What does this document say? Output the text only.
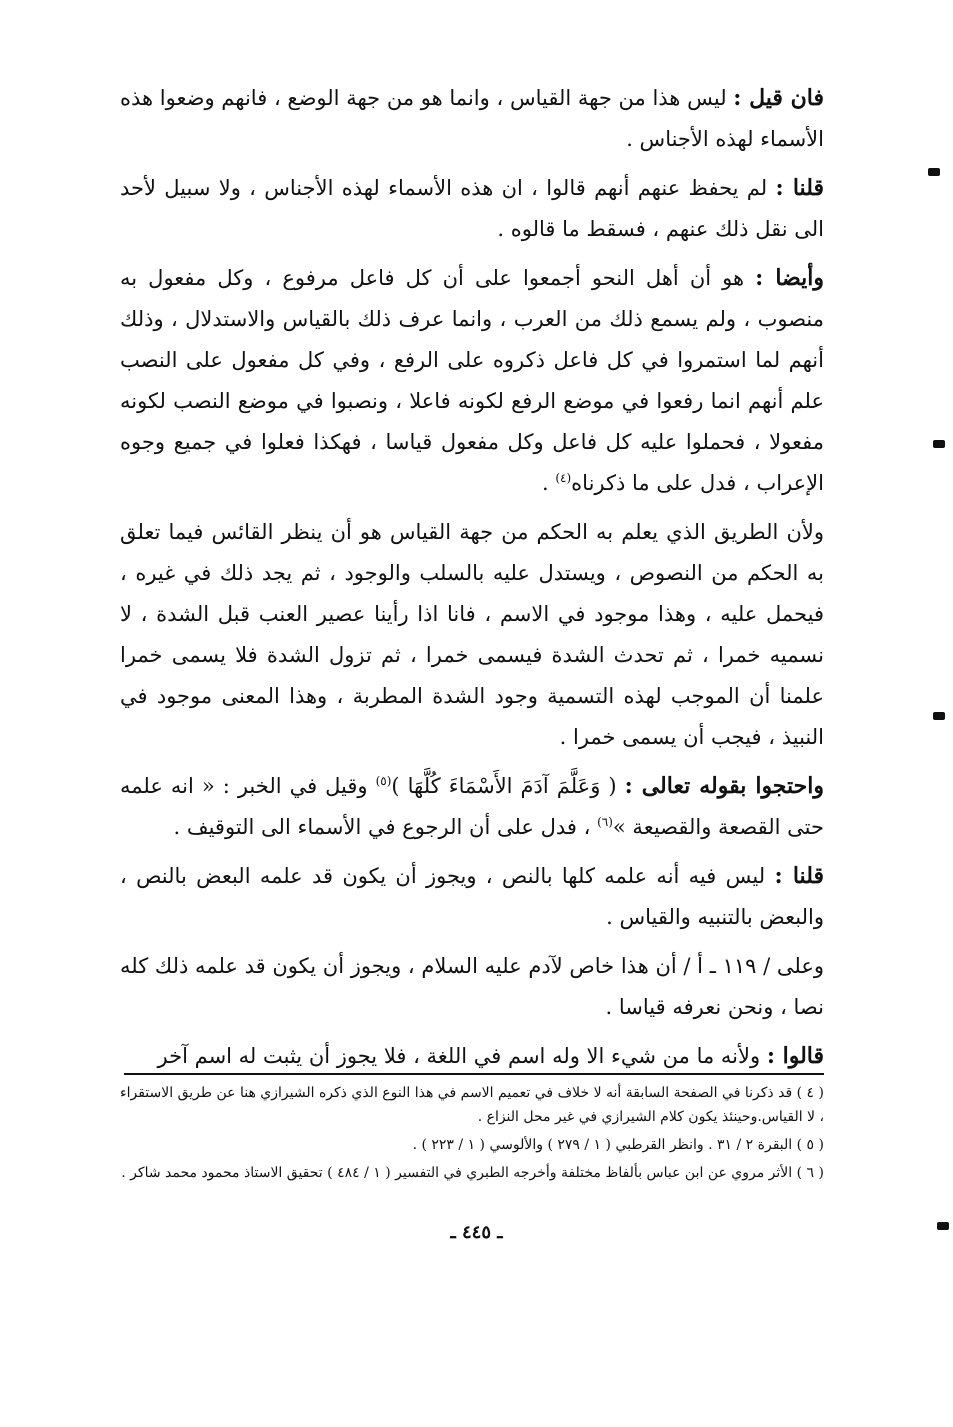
فان قيل : ليس هذا من جهة القياس ، وانما هو من جهة الوضع ، فانهم وضعوا هذه الأسماء لهذه الأجناس .

قلنا : لم يحفظ عنهم أنهم قالوا ، ان هذه الأسماء لهذه الأجناس ، ولا سبيل لأحد الى نقل ذلك عنهم ، فسقط ما قالوه .

وأيضا : هو أن أهل النحو أجمعوا على أن كل فاعل مرفوع ، وكل مفعول به منصوب ، ولم يسمع ذلك من العرب ، وانما عرف ذلك بالقياس والاستدلال ، وذلك أنهم لما استمروا في كل فاعل ذكروه على الرفع ، وفي كل مفعول على النصب علم أنهم انما رفعوا في موضع الرفع لكونه فاعلا ، ونصبوا في موضع النصب لكونه مفعولا ، فحملوا عليه كل فاعل وكل مفعول قياسا ، فهكذا فعلوا في جميع وجوه الإعراب ، فدل على ما ذكرناه$^{(٤)}$ .

ولأن الطريق الذي يعلم به الحكم من جهة القياس هو أن ينظر القائس فيما تعلق به الحكم من النصوص ، ويستدل عليه بالسلب والوجود ، ثم يجد ذلك في غيره ، فيحمل عليه ، وهذا موجود في الاسم ، فانا اذا رأينا عصير العنب قبل الشدة ، لا نسميه خمرا ، ثم تحدث الشدة فيسمى خمرا ، ثم تزول الشدة فلا يسمى خمرا علمنا أن الموجب لهذه التسمية وجود الشدة المطربة ، وهذا المعنى موجود في النبيذ ، فيجب أن يسمى خمرا .

واحتجوا بقوله تعالى : ( وَعَلَّمَ آدَمَ الأَسْمَاءَ كُلَّهَا )$^{(٥)}$ وقيل في الخبر : « انه علمه حتى القصعة والقصيعة »$^{(٦)}$ ، فدل على أن الرجوع في الأسماء الى التوقيف .

قلنا : ليس فيه أنه علمه كلها بالنص ، ويجوز أن يكون قد علمه البعض بالنص ، والبعض بالتنبيه والقياس .

وعلى / ١١٩ ـ أ / أن هذا خاص لآدم عليه السلام ، ويجوز أن يكون قد علمه ذلك كله نصا ، ونحن نعرفه قياسا .

قالوا : ولأنه ما من شيء الا وله اسم في اللغة ، فلا يجوز أن يثبت له اسم آخر

( ٤ ) قد ذكرنا في الصفحة السابقة أنه لا خلاف في تعميم الاسم في هذا النوع الذي ذكره الشيرازي هنا عن طريق الاستقراء ، لا القياس.وحينئذ يكون كلام الشيرازي في غير محل النزاع .

( ٥ ) البقرة ٢ / ٣١ . وانظر القرطبي ( ١ / ٢٧٩ ) والألوسي ( ١ / ٢٢٣ ) .

( ٦ ) الأثر مروي عن ابن عباس بألفاظ مختلفة وأخرجه الطبري في التفسير ( ١ / ٤٨٤ ) تحقيق الاستاذ محمود محمد شاكر .

ـ ٤٤٥ ـ
